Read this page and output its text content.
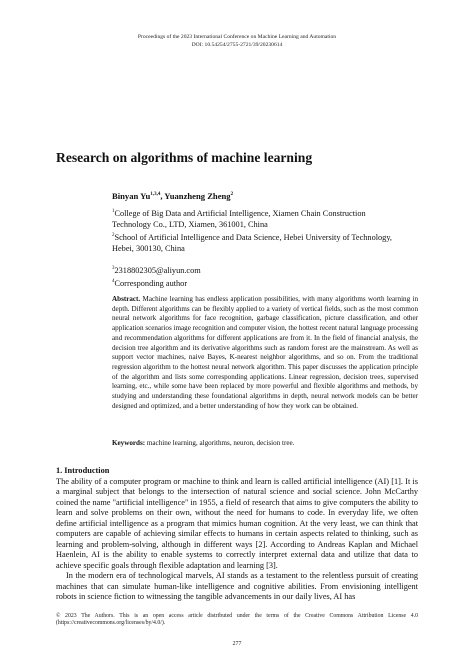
Proceedings of the 2023 International Conference on Machine Learning and Automation
DOI: 10.54254/2755-2721/39/20230614
Research on algorithms of machine learning
Binyan Yu$^{1,3,4}$, Yuanzheng Zheng$^2$
$^1$College of Big Data and Artificial Intelligence, Xiamen Chain Construction
Technology Co., LTD, Xiamen, 361001, China
$^2$School of Artificial Intelligence and Data Science, Hebei University of Technology,
Hebei, 300130, China
$^3$2318802305@aliyun.com
$^4$Corresponding author
Abstract. Machine learning has endless application possibilities, with many algorithms worth learning in depth. Different algorithms can be flexibly applied to a variety of vertical fields, such as the most common neural network algorithms for face recognition, garbage classification, picture classification, and other application scenarios image recognition and computer vision, the hottest recent natural language processing and recommendation algorithms for different applications are from it. In the field of financial analysis, the decision tree algorithm and its derivative algorithms such as random forest are the mainstream. As well as support vector machines, naive Bayes, K-nearest neighbor algorithms, and so on. From the traditional regression algorithm to the hottest neural network algorithm. This paper discusses the application principle of the algorithm and lists some corresponding applications. Linear regression, decision trees, supervised learning, etc., while some have been replaced by more powerful and flexible algorithms and methods, by studying and understanding these foundational algorithms in depth, neural network models can be better designed and optimized, and a better understanding of how they work can be obtained.
Keywords: machine learning, algorithms, neuron, decision tree.
1. Introduction

The ability of a computer program or machine to think and learn is called artificial intelligence (AI) [1]. It is a marginal subject that belongs to the intersection of natural science and social science. John McCarthy coined the name "artificial intelligence" in 1955, a field of research that aims to give computers the ability to learn and solve problems on their own, without the need for humans to code. In everyday life, we often define artificial intelligence as a program that mimics human cognition. At the very least, we can think that computers are capable of achieving similar effects to humans in certain aspects related to thinking, such as learning and problem-solving, although in different ways [2]. According to Andreas Kaplan and Michael Haenlein, AI is the ability to enable systems to correctly interpret external data and utilize that data to achieve specific goals through flexible adaptation and learning [3].

In the modern era of technological marvels, AI stands as a testament to the relentless pursuit of creating machines that can simulate human-like intelligence and cognitive abilities. From envisioning intelligent robots in science fiction to witnessing the tangible advancements in our daily lives, AI has

© 2023 The Authors. This is an open access article distributed under the terms of the Creative Commons Attribution License 4.0 (https://creativecommons.org/licenses/by/4.0/).
277
